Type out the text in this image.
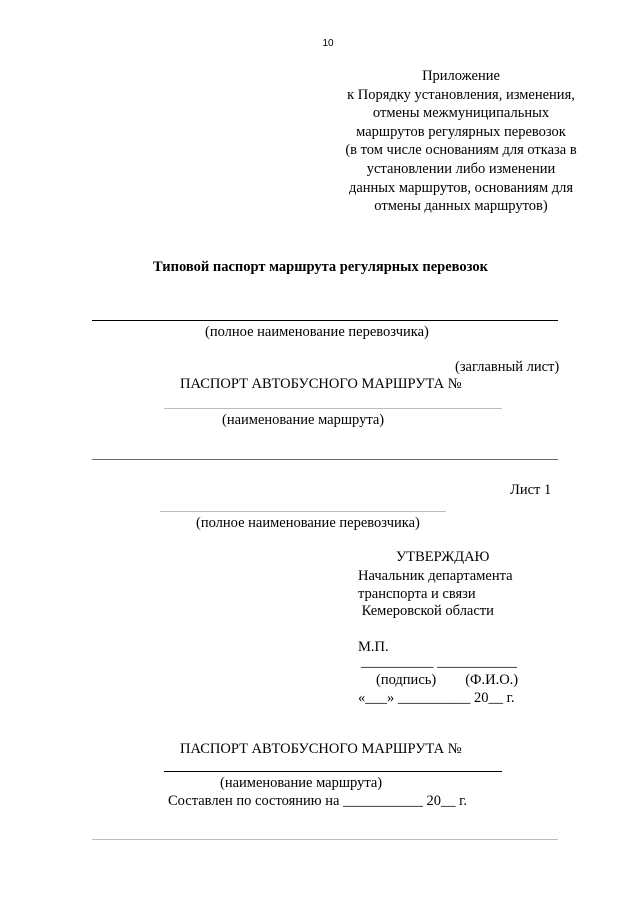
10
Приложение
к Порядку установления, изменения,
отмены межмуниципальных
маршрутов регулярных перевозок
(в том числе основаниям для отказа в
установлении либо изменении
данных маршрутов, основаниям для
отмены данных маршрутов)
Типовой паспорт маршрута регулярных перевозок
(полное наименование перевозчика)
(заглавный лист)
ПАСПОРТ АВТОБУСНОГО МАРШРУТА №
(наименование маршрута)
Лист 1
(полное наименование перевозчика)
УТВЕРЖДАЮ
Начальник департамента
транспорта и связи
Кемеровской области
М.П.
__________ ___________
(подпись)        (Ф.И.О.)
«___» __________ 20__ г.
ПАСПОРТ АВТОБУСНОГО МАРШРУТА №
(наименование маршрута)
Составлен по состоянию на ___________ 20__ г.
